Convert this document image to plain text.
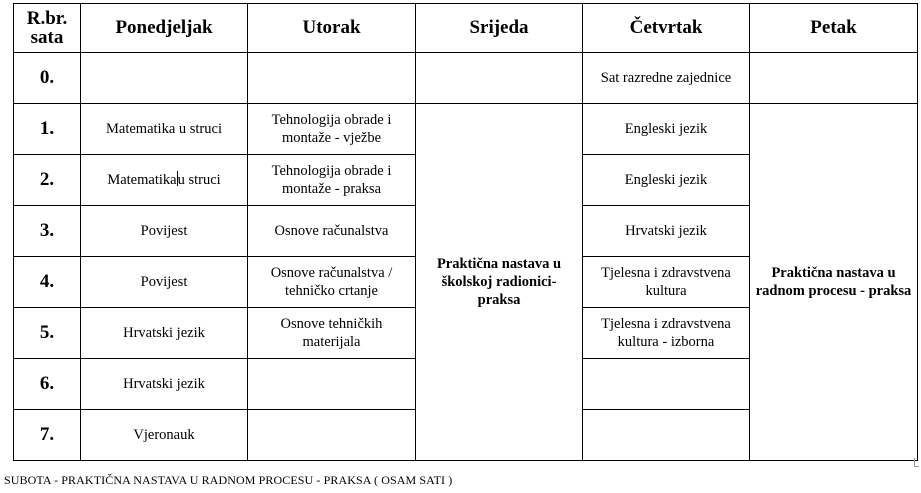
R.br. sata	Ponedjeljak	Utorak	Srijeda	Četvrtak	Petak
0.				Sat razredne zajednice	
1.	Matematika u struci	Tehnologija obrade i montaže - vježbe	Praktična nastava u školskoj radionici- praksa	Engleski jezik	Praktična nastava u radnom procesu - praksa
2.	Matematikau struci	Tehnologija obrade i montaže - praksa		Engleski jezik	
3.	Povijest	Osnove računalstva		Hrvatski jezik	
4.	Povijest	Osnove računalstva / tehničko crtanje		Tjelesna i zdravstvena kultura	
5.	Hrvatski jezik	Osnove tehničkih materijala		Tjelesna i zdravstvena kultura - izborna	
6.	Hrvatski jezik				
7.	Vjeronauk				
SUBOTA - PRAKTIČNA NASTAVA U RADNOM PROCESU - PRAKSA ( OSAM SATI )
